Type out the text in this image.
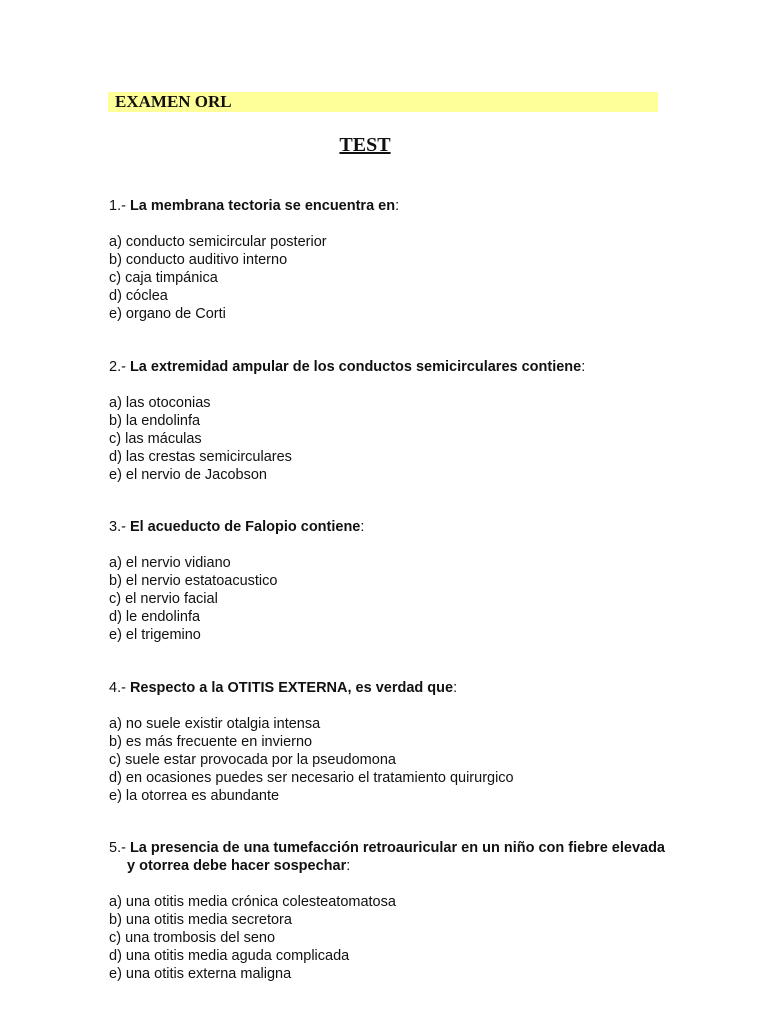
EXAMEN ORL
TEST
1.- La membrana tectoria se encuentra en:
a) conducto semicircular posterior
b) conducto auditivo interno
c) caja timpánica
d) cóclea
e) organo de Corti
2.- La extremidad ampular de los conductos semicirculares contiene:
a) las otoconias
b) la endolinfa
c) las máculas
d) las crestas semicirculares
e) el nervio de Jacobson
3.- El acueducto de Falopio contiene:
a) el nervio vidiano
b) el nervio estatoacustico
c) el nervio facial
d) le endolinfa
e) el trigemino
4.- Respecto a la OTITIS EXTERNA, es verdad que:
a) no suele existir otalgia intensa
b) es más frecuente en invierno
c) suele estar provocada por la pseudomona
d) en ocasiones puedes ser necesario el tratamiento quirurgico
e) la otorrea es abundante
5.- La presencia de una tumefacción retroauricular en un niño con fiebre elevada y otorrea debe hacer sospechar:
a) una otitis media crónica colesteatomatosa
b) una otitis media secretora
c) una trombosis del seno
d) una otitis media aguda complicada
e) una otitis externa maligna
